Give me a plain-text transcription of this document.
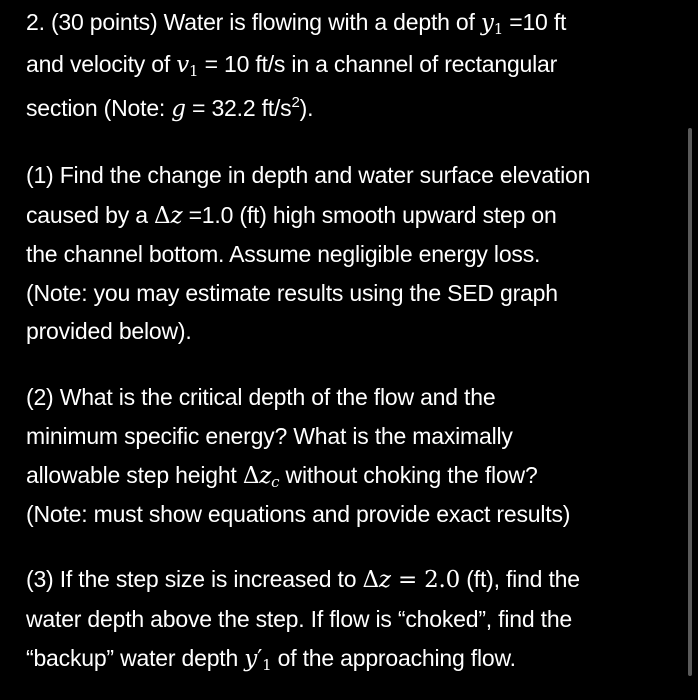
2. (30 points) Water is flowing with a depth of $y_1 =10$ ft
and velocity of $v_1 = 10$ ft/s in a channel of rectangular
section (Note: g = 32.2 $ft/s^2$).
(1) Find the change in depth and water surface elevation
caused by a Δz =1.0 (ft) high smooth upward step on
the channel bottom. Assume negligible energy loss.
(Note: you may estimate results using the SED graph
provided below).
(2) What is the critical depth of the flow and the
minimum specific energy? What is the maximally
allowable step height $\Delta z_c$ without choking the flow?
(Note: must show equations and provide exact results)
(3) If the step size is increased to Δz = 2.0 (ft), find the
water depth above the step. If flow is “choked”, find the
“backup” water depth $y'_1$ of the approaching flow.
